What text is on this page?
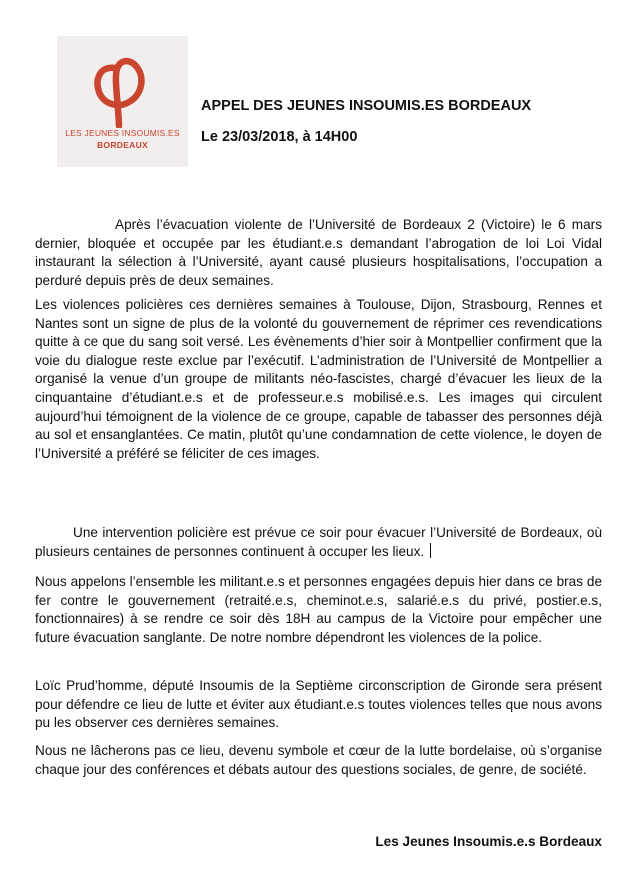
LES JEUNES INSOUMIS.ES
BORDEAUX
APPEL DES JEUNES INSOUMIS.ES BORDEAUX
Le 23/03/2018, à 14H00
Après l’évacuation violente de l’Université de Bordeaux 2 (Victoire) le 6 mars dernier, bloquée et occupée par les étudiant.e.s demandant l’abrogation de loi Loi Vidal instaurant la sélection à l’Université, ayant causé plusieurs hospitalisations, l’occupation a perduré depuis près de deux semaines.
Les violences policières ces dernières semaines à Toulouse, Dijon, Strasbourg, Rennes et Nantes sont un signe de plus de la volonté du gouvernement de réprimer ces revendications quitte à ce que du sang soit versé. Les évènements d’hier soir à Montpellier confirment que la voie du dialogue reste exclue par l’exécutif. L’administration de l’Université de Montpellier a organisé la venue d’un groupe de militants néo-fascistes, chargé d’évacuer les lieux de la cinquantaine d’étudiant.e.s et de professeur.e.s mobilisé.e.s. Les images qui circulent aujourd’hui témoignent de la violence de ce groupe, capable de tabasser des personnes déjà au sol et ensanglantées. Ce matin, plutôt qu’une condamnation de cette violence, le doyen de l’Université a préféré se féliciter de ces images.
Une intervention policière est prévue ce soir pour évacuer l’Université de Bordeaux, où plusieurs centaines de personnes continuent à occuper les lieux.
Nous appelons l’ensemble les militant.e.s et personnes engagées depuis hier dans ce bras de fer contre le gouvernement (retraité.e.s, cheminot.e.s, salarié.e.s du privé, postier.e.s, fonctionnaires) à se rendre ce soir dès 18H au campus de la Victoire pour empêcher une future évacuation sanglante. De notre nombre dépendront les violences de la police.
Loïc Prud’homme, député Insoumis de la Septième circonscription de Gironde sera présent pour défendre ce lieu de lutte et éviter aux étudiant.e.s toutes violences telles que nous avons pu les observer ces dernières semaines.
Nous ne lâcherons pas ce lieu, devenu symbole et cœur de la lutte bordelaise, où s’organise chaque jour des conférences et débats autour des questions sociales, de genre, de société.
Les Jeunes Insoumis.e.s Bordeaux
